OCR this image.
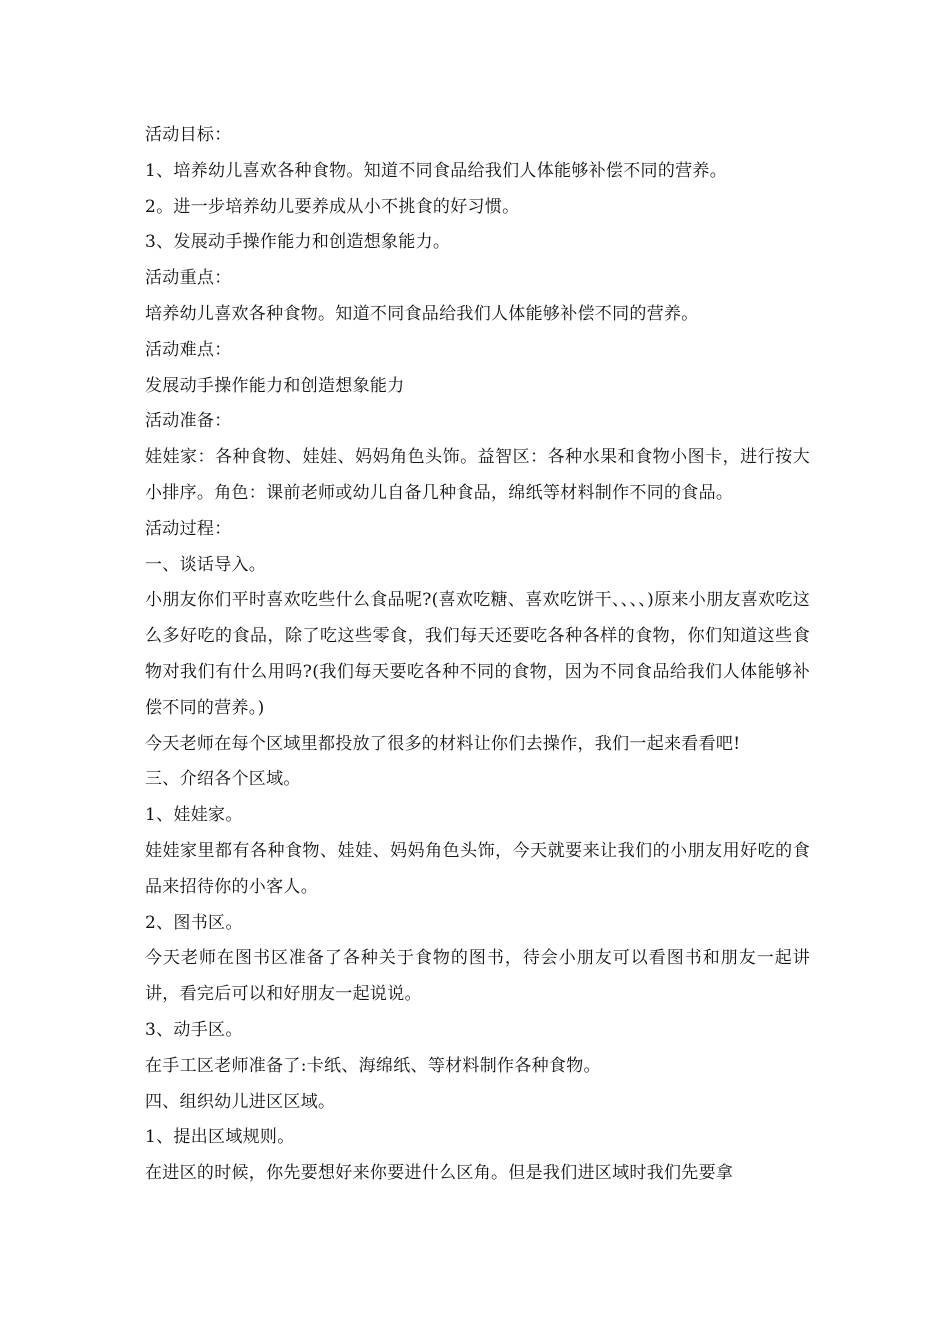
活动目标：

1、培养幼儿喜欢各种食物。知道不同食品给我们人体能够补偿不同的营养。

2。进一步培养幼儿要养成从小不挑食的好习惯。

3、发展动手操作能力和创造想象能力。

活动重点：

培养幼儿喜欢各种食物。知道不同食品给我们人体能够补偿不同的营养。

活动难点：

发展动手操作能力和创造想象能力

活动准备：

娃娃家：各种食物、娃娃、妈妈角色头饰。益智区：各种水果和食物小图卡，进行按大小排序。角色：课前老师或幼儿自备几种食品，绵纸等材料制作不同的食品。

活动过程：

一、谈话导入。

小朋友你们平时喜欢吃些什么食品呢?(喜欢吃糖、喜欢吃饼干、、、、)原来小朋友喜欢吃这么多好吃的食品，除了吃这些零食，我们每天还要吃各种各样的食物，你们知道这些食物对我们有什么用吗?(我们每天要吃各种不同的食物，因为不同食品给我们人体能够补偿不同的营养。)

今天老师在每个区域里都投放了很多的材料让你们去操作，我们一起来看看吧!

三、介绍各个区域。

1、娃娃家。

娃娃家里都有各种食物、娃娃、妈妈角色头饰，今天就要来让我们的小朋友用好吃的食品来招待你的小客人。

2、图书区。

今天老师在图书区准备了各种关于食物的图书，待会小朋友可以看图书和朋友一起讲讲，看完后可以和好朋友一起说说。

3、动手区。

在手工区老师准备了:卡纸、海绵纸、等材料制作各种食物。

四、组织幼儿进区区域。

1、提出区域规则。

在进区的时候，你先要想好来你要进什么区角。但是我们进区域时我们先要拿
